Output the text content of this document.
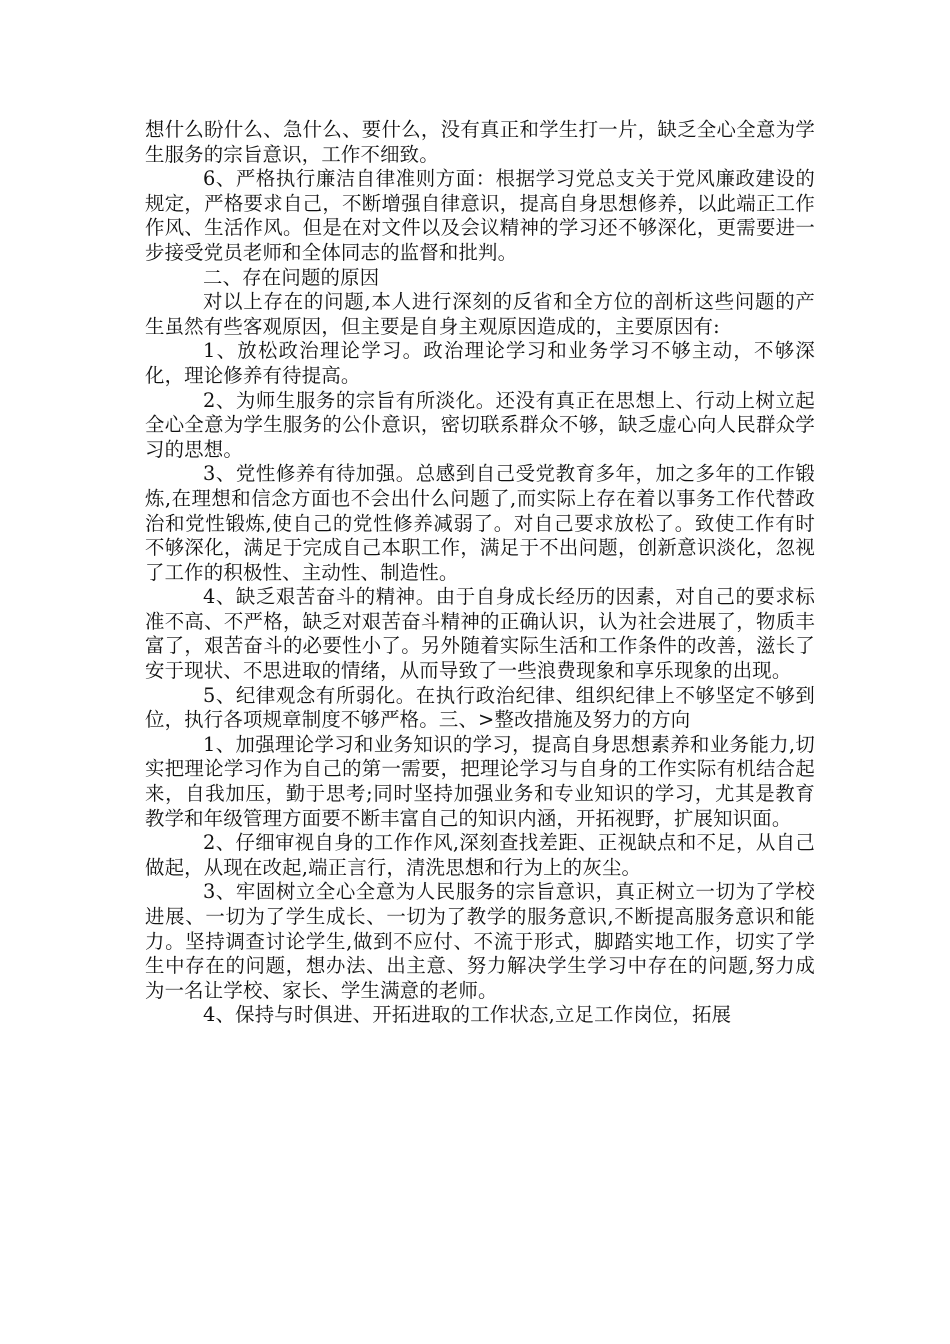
想什么盼什么、急什么、要什么，没有真正和学生打一片，缺乏全心全意为学生服务的宗旨意识，工作不细致。

6、严格执行廉洁自律准则方面：根据学习党总支关于党风廉政建设的规定，严格要求自己，不断增强自律意识，提高自身思想修养，以此端正工作作风、生活作风。但是在对文件以及会议精神的学习还不够深化，更需要进一步接受党员老师和全体同志的监督和批判。

二、存在问题的原因

对以上存在的问题,本人进行深刻的反省和全方位的剖析这些问题的产生虽然有些客观原因，但主要是自身主观原因造成的，主要原因有:

1、放松政治理论学习。政治理论学习和业务学习不够主动，不够深化，理论修养有待提高。

2、为师生服务的宗旨有所淡化。还没有真正在思想上、行动上树立起全心全意为学生服务的公仆意识，密切联系群众不够，缺乏虚心向人民群众学习的思想。

3、党性修养有待加强。总感到自己受党教育多年，加之多年的工作锻炼,在理想和信念方面也不会出什么问题了,而实际上存在着以事务工作代替政治和党性锻炼,使自己的党性修养减弱了。对自己要求放松了。致使工作有时不够深化，满足于完成自己本职工作，满足于不出问题，创新意识淡化，忽视了工作的积极性、主动性、制造性。

4、缺乏艰苦奋斗的精神。由于自身成长经历的因素，对自己的要求标准不高、不严格，缺乏对艰苦奋斗精神的正确认识，认为社会进展了，物质丰富了，艰苦奋斗的必要性小了。另外随着实际生活和工作条件的改善，滋长了安于现状、不思进取的情绪，从而导致了一些浪费现象和享乐现象的出现。

5、纪律观念有所弱化。在执行政治纪律、组织纪律上不够坚定不够到位，执行各项规章制度不够严格。三、>整改措施及努力的方向

1、加强理论学习和业务知识的学习，提高自身思想素养和业务能力,切实把理论学习作为自己的第一需要，把理论学习与自身的工作实际有机结合起来，自我加压，勤于思考;同时坚持加强业务和专业知识的学习，尤其是教育教学和年级管理方面要不断丰富自己的知识内涵，开拓视野，扩展知识面。

2、仔细审视自身的工作作风,深刻查找差距、正视缺点和不足，从自己做起，从现在改起,端正言行，清洗思想和行为上的灰尘。

3、牢固树立全心全意为人民服务的宗旨意识，真正树立一切为了学校进展、一切为了学生成长、一切为了教学的服务意识,不断提高服务意识和能力。坚持调查讨论学生,做到不应付、不流于形式，脚踏实地工作，切实了学生中存在的问题，想办法、出主意、努力解决学生学习中存在的问题,努力成为一名让学校、家长、学生满意的老师。

4、保持与时俱进、开拓进取的工作状态,立足工作岗位，拓展
